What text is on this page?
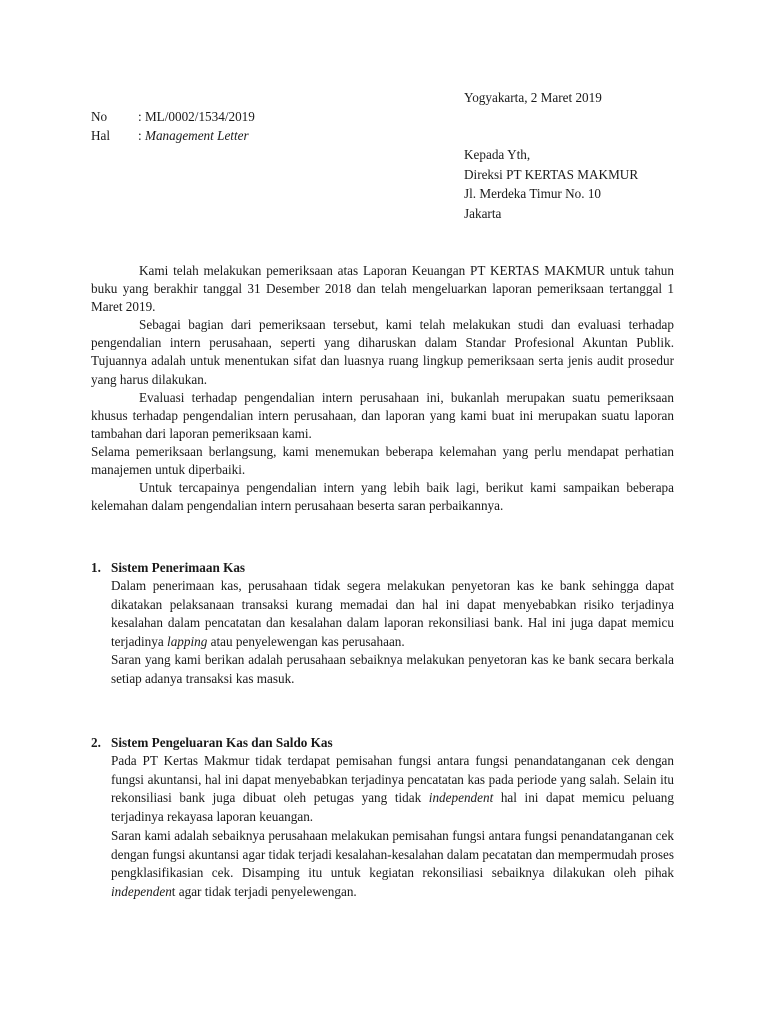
Yogyakarta, 2 Maret 2019
No : ML/0002/1534/2019
Hal : Management Letter
Kepada Yth,
Direksi PT KERTAS MAKMUR
Jl. Merdeka Timur No. 10
Jakarta

Kami telah melakukan pemeriksaan atas Laporan Keuangan PT KERTAS MAKMUR untuk tahun buku yang berakhir tanggal 31 Desember 2018 dan telah mengeluarkan laporan pemeriksaan tertanggal 1 Maret 2019.

Sebagai bagian dari pemeriksaan tersebut, kami telah melakukan studi dan evaluasi terhadap pengendalian intern perusahaan, seperti yang diharuskan dalam Standar Profesional Akuntan Publik. Tujuannya adalah untuk menentukan sifat dan luasnya ruang lingkup pemeriksaan serta jenis audit prosedur yang harus dilakukan.

Evaluasi terhadap pengendalian intern perusahaan ini, bukanlah merupakan suatu pemeriksaan khusus terhadap pengendalian intern perusahaan, dan laporan yang kami buat ini merupakan suatu laporan tambahan dari laporan pemeriksaan kami.

Selama pemeriksaan berlangsung, kami menemukan beberapa kelemahan yang perlu mendapat perhatian manajemen untuk diperbaiki.

Untuk tercapainya pengendalian intern yang lebih baik lagi, berikut kami sampaikan beberapa kelemahan dalam pengendalian intern perusahaan beserta saran perbaikannya.

1. Sistem Penerimaan Kas

Dalam penerimaan kas, perusahaan tidak segera melakukan penyetoran kas ke bank sehingga dapat dikatakan pelaksanaan transaksi kurang memadai dan hal ini dapat menyebabkan risiko terjadinya kesalahan dalam pencatatan dan kesalahan dalam laporan rekonsiliasi bank. Hal ini juga dapat memicu terjadinya lapping atau penyelewengan kas perusahaan.

Saran yang kami berikan adalah perusahaan sebaiknya melakukan penyetoran kas ke bank secara berkala setiap adanya transaksi kas masuk.

2. Sistem Pengeluaran Kas dan Saldo Kas

Pada PT Kertas Makmur tidak terdapat pemisahan fungsi antara fungsi penandatanganan cek dengan fungsi akuntansi, hal ini dapat menyebabkan terjadinya pencatatan kas pada periode yang salah. Selain itu rekonsiliasi bank juga dibuat oleh petugas yang tidak independent hal ini dapat memicu peluang terjadinya rekayasa laporan keuangan.

Saran kami adalah sebaiknya perusahaan melakukan pemisahan fungsi antara fungsi penandatanganan cek dengan fungsi akuntansi agar tidak terjadi kesalahan-kesalahan dalam pecatatan dan mempermudah proses pengklasifikasian cek. Disamping itu untuk kegiatan rekonsiliasi sebaiknya dilakukan oleh pihak independent agar tidak terjadi penyelewengan.
